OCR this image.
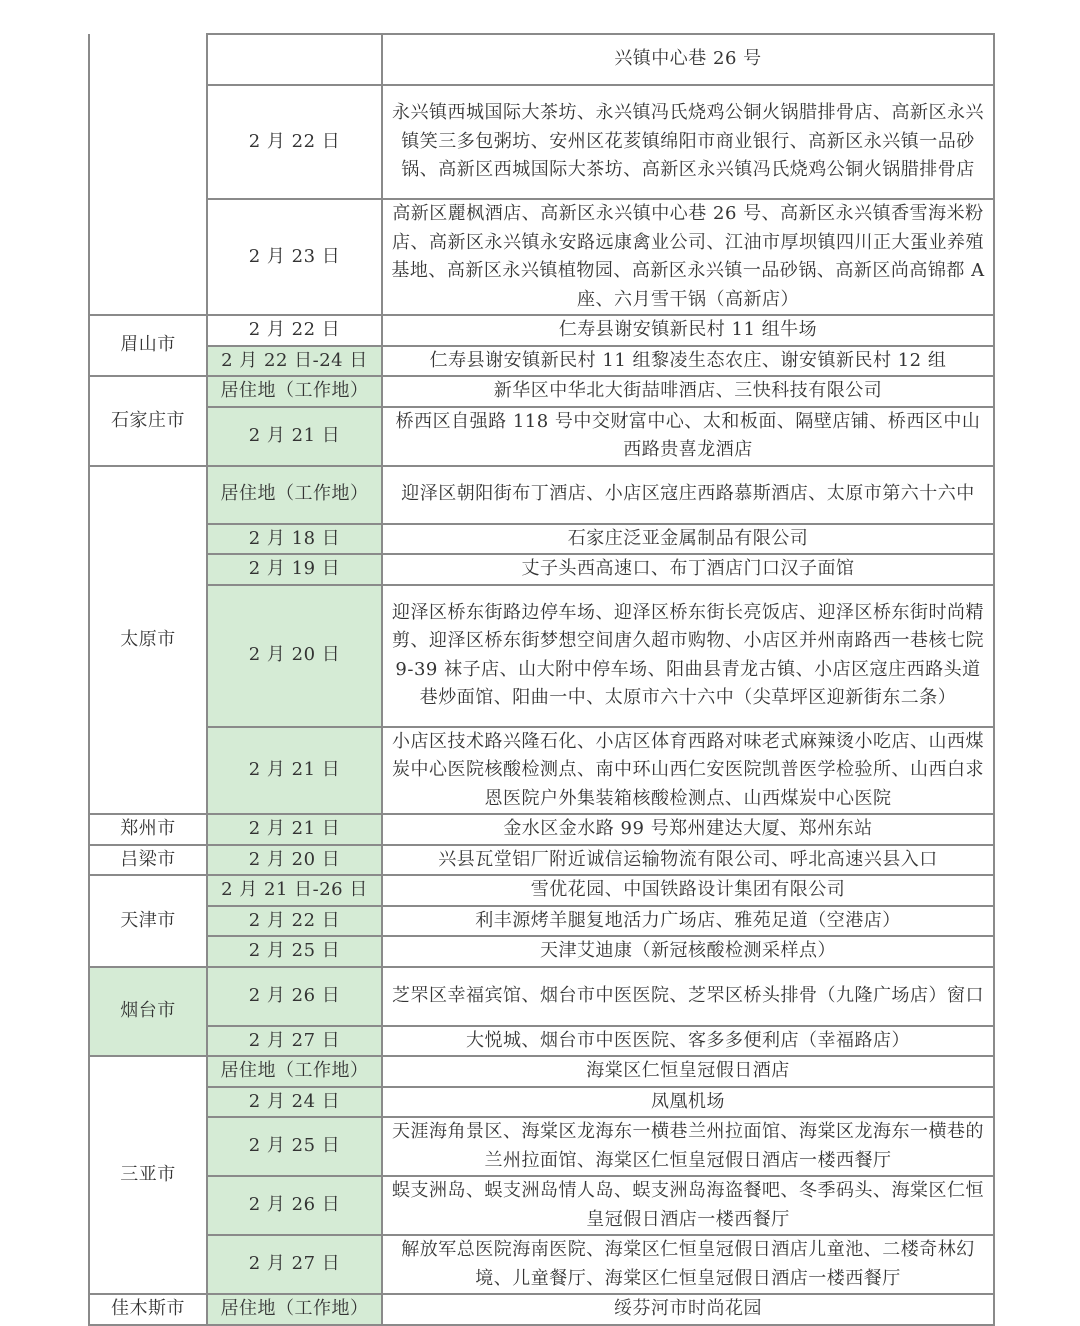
		兴镇中心巷 26 号
	2 月 22 日	永兴镇西城国际大茶坊、永兴镇冯氏烧鸡公铜火锅腊排骨店、高新区永兴镇笑三多包粥坊、安州区花荄镇绵阳市商业银行、高新区永兴镇一品砂锅、高新区西城国际大茶坊、高新区永兴镇冯氏烧鸡公铜火锅腊排骨店
	2 月 23 日	高新区麗枫酒店、高新区永兴镇中心巷 26 号、高新区永兴镇香雪海米粉店、高新区永兴镇永安路远康禽业公司、江油市厚坝镇四川正大蛋业养殖基地、高新区永兴镇植物园、高新区永兴镇一品砂锅、高新区尚高锦都 A 座、六月雪干锅（高新店）
眉山市	2 月 22 日	仁寿县谢安镇新民村 11 组牛场
	2 月 22 日-24 日	仁寿县谢安镇新民村 11 组黎凌生态农庄、谢安镇新民村 12 组
石家庄市	居住地（工作地）	新华区中华北大街喆啡酒店、三快科技有限公司
	2 月 21 日	桥西区自强路 118 号中交财富中心、太和板面、隔壁店铺、桥西区中山西路贵喜龙酒店
太原市	居住地（工作地）	迎泽区朝阳街布丁酒店、小店区寇庄西路慕斯酒店、太原市第六十六中
	2 月 18 日	石家庄泛亚金属制品有限公司
	2 月 19 日	丈子头西高速口、布丁酒店门口汉子面馆
	2 月 20 日	迎泽区桥东街路边停车场、迎泽区桥东街长亮饭店、迎泽区桥东街时尚精剪、迎泽区桥东街梦想空间唐久超市购物、小店区并州南路西一巷核七院 9-39 袜子店、山大附中停车场、阳曲县青龙古镇、小店区寇庄西路头道巷炒面馆、阳曲一中、太原市六十六中（尖草坪区迎新街东二条）
	2 月 21 日	小店区技术路兴隆石化、小店区体育西路对味老式麻辣烫小吃店、山西煤炭中心医院核酸检测点、南中环山西仁安医院凯普医学检验所、山西白求恩医院户外集装箱核酸检测点、山西煤炭中心医院
郑州市	2 月 21 日	金水区金水路 99 号郑州建达大厦、郑州东站
吕梁市	2 月 20 日	兴县瓦堂铝厂附近诚信运输物流有限公司、呼北高速兴县入口
天津市	2 月 21 日-26 日	雪优花园、中国铁路设计集团有限公司
	2 月 22 日	利丰源烤羊腿复地活力广场店、雅苑足道（空港店）
	2 月 25 日	天津艾迪康（新冠核酸检测采样点）
烟台市	2 月 26 日	芝罘区幸福宾馆、烟台市中医医院、芝罘区桥头排骨（九隆广场店）窗口
	2 月 27 日	大悦城、烟台市中医医院、客多多便利店（幸福路店）
三亚市	居住地（工作地）	海棠区仁恒皇冠假日酒店
	2 月 24 日	凤凰机场
	2 月 25 日	天涯海角景区、海棠区龙海东一横巷兰州拉面馆、海棠区龙海东一横巷的兰州拉面馆、海棠区仁恒皇冠假日酒店一楼西餐厅
	2 月 26 日	蜈支洲岛、蜈支洲岛情人岛、蜈支洲岛海盗餐吧、冬季码头、海棠区仁恒皇冠假日酒店一楼西餐厅
	2 月 27 日	解放军总医院海南医院、海棠区仁恒皇冠假日酒店儿童池、二楼奇林幻境、儿童餐厅、海棠区仁恒皇冠假日酒店一楼西餐厅
佳木斯市	居住地（工作地）	绥芬河市时尚花园
